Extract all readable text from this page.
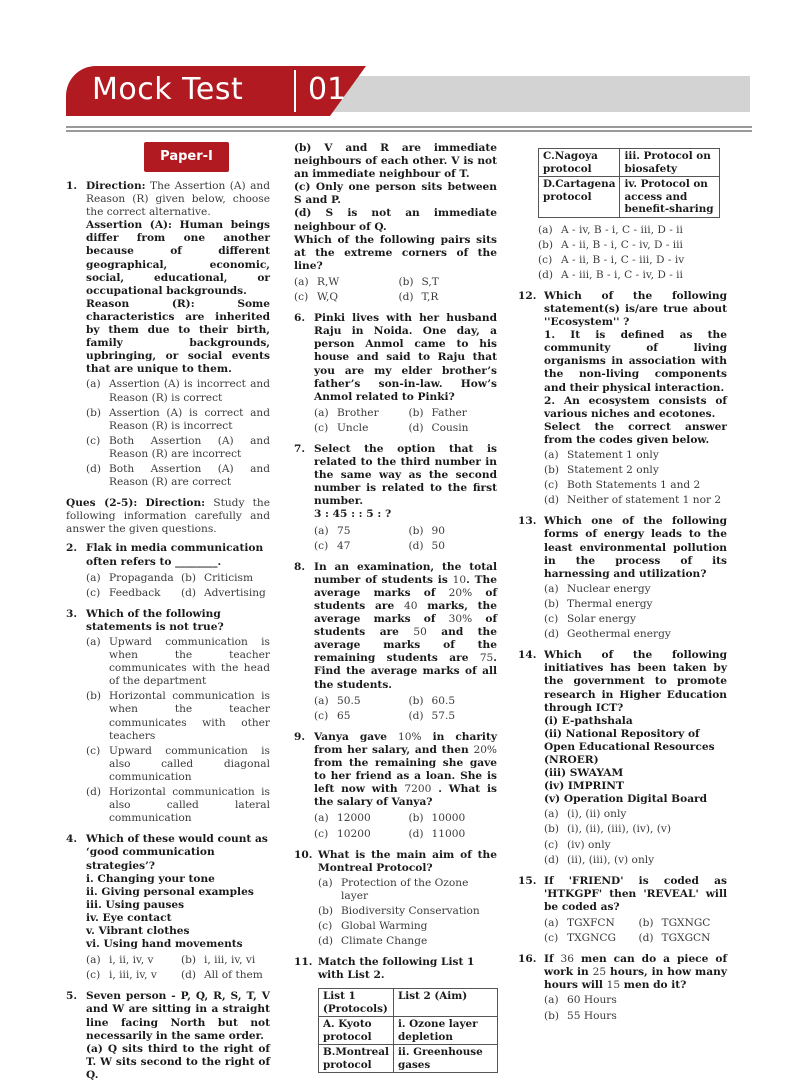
Mock Test 01
Paper-I
1. Direction: The Assertion (A) and Reason (R) given below, choose the correct alternative.
Assertion (A): Human beings differ from one another because of different geographical, economic, social, educational, or occupational backgrounds.
Reason (R): Some characteristics are inherited by them due to their birth, family backgrounds, upbringing, or social events that are unique to them.
(a) Assertion (A) is incorrect and Reason (R) is correct
(b) Assertion (A) is correct and Reason (R) is incorrect
(c) Both Assertion (A) and Reason (R) are incorrect
(d) Both Assertion (A) and Reason (R) are correct
Ques (2-5): Direction: Study the following information carefully and answer the given questions.
2. Flak in media communication often refers to ________.
(a) Propaganda (b) Criticism
(c) Feedback (d) Advertising
3. Which of the following statements is not true?
(a) Upward communication is when the teacher communicates with the head of the department
(b) Horizontal communication is when the teacher communicates with other teachers
(c) Upward communication is also called diagonal communication
(d) Horizontal communication is also called lateral communication
4. Which of these would count as ‘good communication strategies’?
i. Changing your tone
ii. Giving personal examples
iii. Using pauses
iv. Eye contact
v. Vibrant clothes
vi. Using hand movements
(a) i, ii, iv, v	(b) i, iii, iv, vi
(c) i, iii, iv, v (d) All of them
5. Seven person - P, Q, R, S, T, V and W are sitting in a straight line facing North but not necessarily in the same order.
(a) Q sits third to the right of T. W sits second to the right of Q.
(b) V and R are immediate neighbours of each other. V is not an immediate neighbour of T.
(c) Only one person sits between S and P.
(d) S is not an immediate neighbour of Q.
Which of the following pairs sits at the extreme corners of the line?
(a) R,W	(b) S,T
(c) W,Q	(d) T,R
6. Pinki lives with her husband Raju in Noida. One day, a person Anmol came to his house and said to Raju that you are my elder brother’s father’s son-in-law. How’s Anmol related to Pinki?
(a) Brother	(b) Father
(c) Uncle	(d) Cousin
7. Select the option that is related to the third number in the same way as the second number is related to the first number.
3 : 45 : : 5 : ?
(a) 75	(b) 90
(c) 47	(d) 50
8. In an examination, the total number of students is 10. The average marks of 20% of students are 40 marks, the average marks of 30% of students are 50 and the average marks of the remaining students are 75. Find the average marks of all the students.
(a) 50.5	(b) 60.5
(c) 65	(d) 57.5
9. Vanya gave 10% in charity from her salary, and then 20% from the remaining she gave to her friend as a loan. She is left now with 7200 . What is the salary of Vanya?
(a) 12000	(b) 10000
(c) 10200	(d) 11000
10. What is the main aim of the Montreal Protocol?
(a) Protection of the Ozone layer
(b) Biodiversity Conservation
(c) Global Warming
(d) Climate Change
11. Match the following List 1 with List 2.
List 1 (Protocols)	List 2 (Aim)
A. Kyoto protocol	i. Ozone layer depletion
B.Montreal protocol	ii. Greenhouse gases
C.Nagoya protocol	iii. Protocol on biosafety
D.Cartagena protocol	iv. Protocol on access and benefit-sharing
(a) A - iv, B - i, C - iii, D - ii
(b) A - ii, B - i, C - iv, D - iii
(c) A - ii, B - i, C - iii, D - iv
(d) A - iii, B - i, C - iv, D - ii
12. Which of the following statement(s) is/are true about ''Ecosystem'' ?
1. It is defined as the community of living organisms in association with the non-living components and their physical interaction.
2. An ecosystem consists of various niches and ecotones.
Select the correct answer from the codes given below.
(a) Statement 1 only
(b) Statement 2 only
(c) Both Statements 1 and 2
(d) Neither of statement 1 nor 2
13. Which one of the following forms of energy leads to the least environmental pollution in the process of its harnessing and utilization?
(a) Nuclear energy
(b) Thermal energy
(c) Solar energy
(d) Geothermal energy
14. Which of the following initiatives has been taken by the government to promote research in Higher Education through ICT?
(i) E-pathshala
(ii) National Repository of Open Educational Resources (NROER)
(iii) SWAYAM
(iv) IMPRINT
(v) Operation Digital Board
(a) (i), (ii) only
(b) (i), (ii), (iii), (iv), (v)
(c) (iv) only
(d) (ii), (iii), (v) only
15. If 'FRIEND' is coded as 'HTKGPF' then 'REVEAL' will be coded as?
(a) TGXFCN (b) TGXNGC
(c) TXGNCG (d) TGXGCN
16. If 36 men can do a piece of work in 25 hours, in how many hours will 15 men do it?
(a) 60 Hours
(b) 55 Hours
